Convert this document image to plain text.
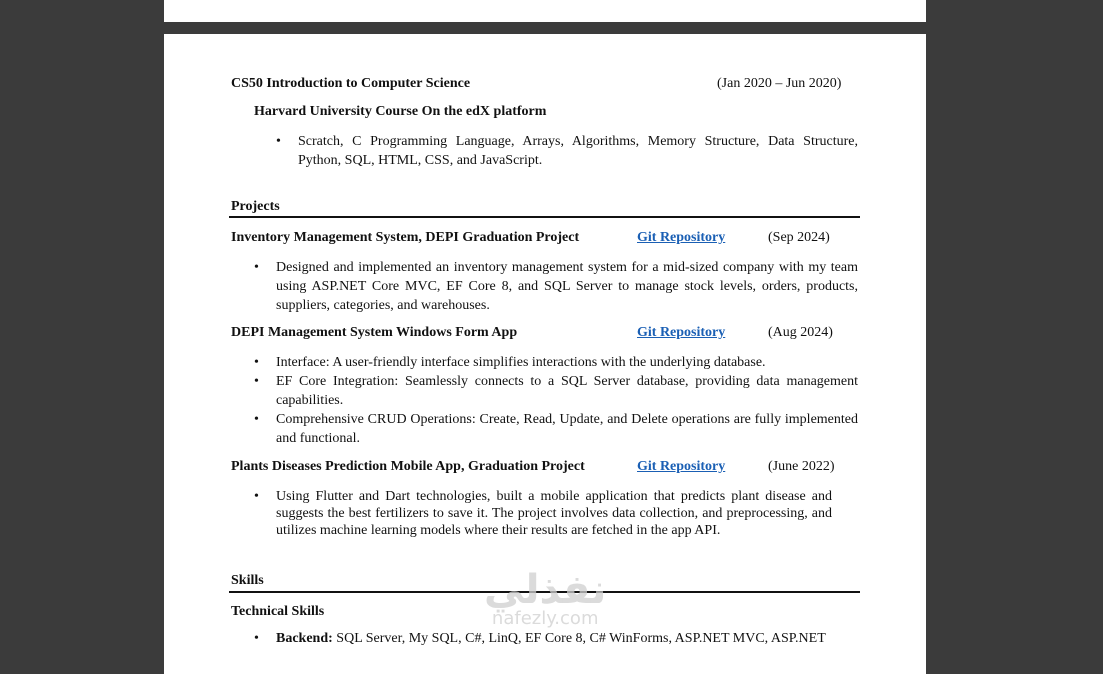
CS50 Introduction to Computer Science	(Jan 2020 – Jun 2020)
Harvard University Course On the edX platform
• Scratch, C Programming Language, Arrays, Algorithms, Memory Structure, Data Structure, Python, SQL, HTML, CSS, and JavaScript.
Projects
Inventory Management System, DEPI Graduation Project	Git Repository	(Sep 2024)
• Designed and implemented an inventory management system for a mid-sized company with my team using ASP.NET Core MVC, EF Core 8, and SQL Server to manage stock levels, orders, products, suppliers, categories, and warehouses.
DEPI Management System Windows Form App	Git Repository	(Aug 2024)
• Interface: A user-friendly interface simplifies interactions with the underlying database.
• EF Core Integration: Seamlessly connects to a SQL Server database, providing data management capabilities.
• Comprehensive CRUD Operations: Create, Read, Update, and Delete operations are fully implemented and functional.
Plants Diseases Prediction Mobile App, Graduation Project	Git Repository	(June 2022)
• Using Flutter and Dart technologies, built a mobile application that predicts plant disease and suggests the best fertilizers to save it. The project involves data collection, and preprocessing, and utilizes machine learning models where their results are fetched in the app API.
Skills
Technical Skills
• Backend: SQL Server, My SQL, C#, LinQ, EF Core 8, C# WinForms, ASP.NET MVC, ASP.NET
نفذلي
nafezly.com
